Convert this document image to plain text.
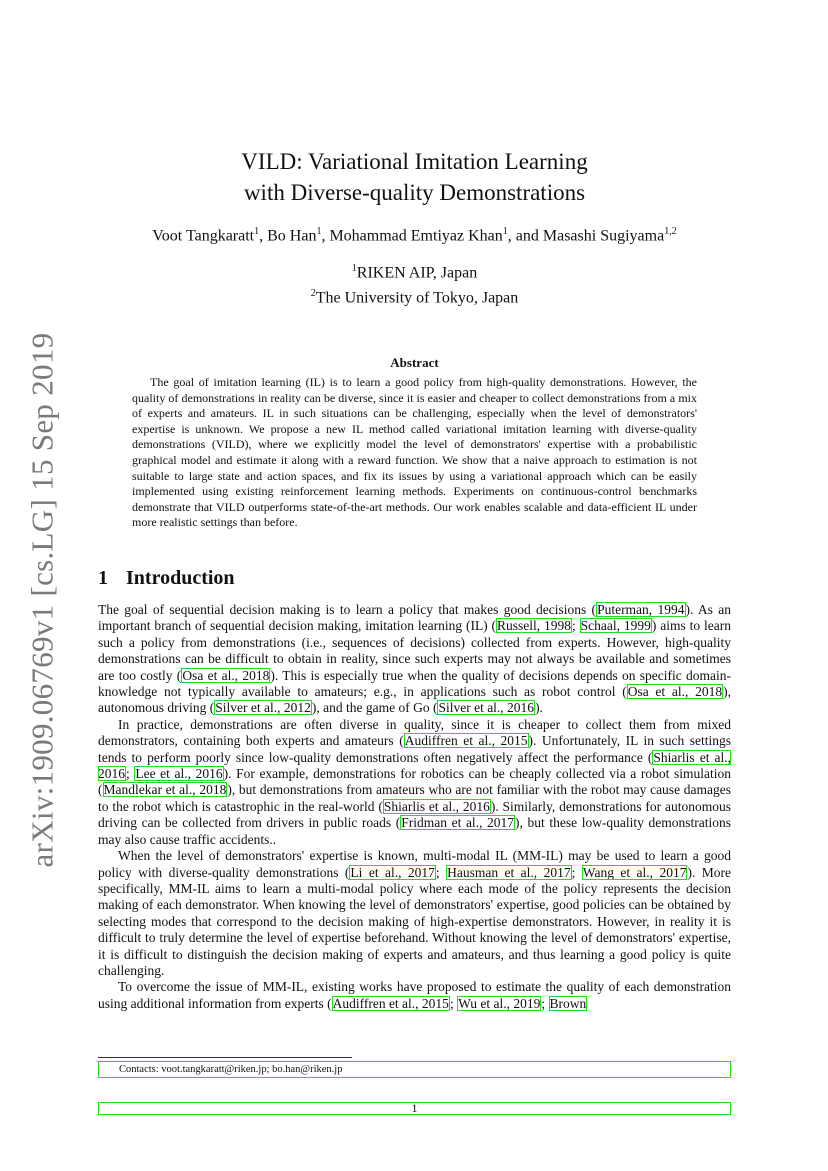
arXiv:1909.06769v1 [cs.LG] 15 Sep 2019
VILD: Variational Imitation Learning
with Diverse-quality Demonstrations
Voot Tangkaratt$^1$, Bo Han$^1$, Mohammad Emtiyaz Khan$^1$, and Masashi Sugiyama$^{1,2}$
$^1$RIKEN AIP, Japan
$^2$The University of Tokyo, Japan
Abstract
The goal of imitation learning (IL) is to learn a good policy from high-quality demonstrations. However, the quality of demonstrations in reality can be diverse, since it is easier and cheaper to collect demonstrations from a mix of experts and amateurs. IL in such situations can be challenging, especially when the level of demonstrators' expertise is unknown. We propose a new IL method called variational imitation learning with diverse-quality demonstrations (VILD), where we explicitly model the level of demonstrators' expertise with a probabilistic graphical model and estimate it along with a reward function. We show that a naive approach to estimation is not suitable to large state and action spaces, and fix its issues by using a variational approach which can be easily implemented using existing reinforcement learning methods. Experiments on continuous-control benchmarks demonstrate that VILD outperforms state-of-the-art methods. Our work enables scalable and data-efficient IL under more realistic settings than before.
1 Introduction

The goal of sequential decision making is to learn a policy that makes good decisions (Puterman, 1994). As an important branch of sequential decision making, imitation learning (IL) (Russell, 1998; Schaal, 1999) aims to learn such a policy from demonstrations (i.e., sequences of decisions) collected from experts. However, high-quality demonstrations can be difficult to obtain in reality, since such experts may not always be available and sometimes are too costly (Osa et al., 2018). This is especially true when the quality of decisions depends on specific domain-knowledge not typically available to amateurs; e.g., in applications such as robot control (Osa et al., 2018), autonomous driving (Silver et al., 2012), and the game of Go (Silver et al., 2016).

In practice, demonstrations are often diverse in quality, since it is cheaper to collect them from mixed demonstrators, containing both experts and amateurs (Audiffren et al., 2015). Unfortunately, IL in such settings tends to perform poorly since low-quality demonstrations often negatively affect the performance (Shiarlis et al., 2016; Lee et al., 2016). For example, demonstrations for robotics can be cheaply collected via a robot simulation (Mandlekar et al., 2018), but demonstrations from amateurs who are not familiar with the robot may cause damages to the robot which is catastrophic in the real-world (Shiarlis et al., 2016). Similarly, demonstrations for autonomous driving can be collected from drivers in public roads (Fridman et al., 2017), but these low-quality demonstrations may also cause traffic accidents..

When the level of demonstrators' expertise is known, multi-modal IL (MM-IL) may be used to learn a good policy with diverse-quality demonstrations (Li et al., 2017; Hausman et al., 2017; Wang et al., 2017). More specifically, MM-IL aims to learn a multi-modal policy where each mode of the policy represents the decision making of each demonstrator. When knowing the level of demonstrators' expertise, good policies can be obtained by selecting modes that correspond to the decision making of high-expertise demonstrators. However, in reality it is difficult to truly determine the level of expertise beforehand. Without knowing the level of demonstrators' expertise, it is difficult to distinguish the decision making of experts and amateurs, and thus learning a good policy is quite challenging.

To overcome the issue of MM-IL, existing works have proposed to estimate the quality of each demonstration using additional information from experts (Audiffren et al., 2015; Wu et al., 2019; Brown

Contacts: voot.tangkaratt@riken.jp; bo.han@riken.jp
1
